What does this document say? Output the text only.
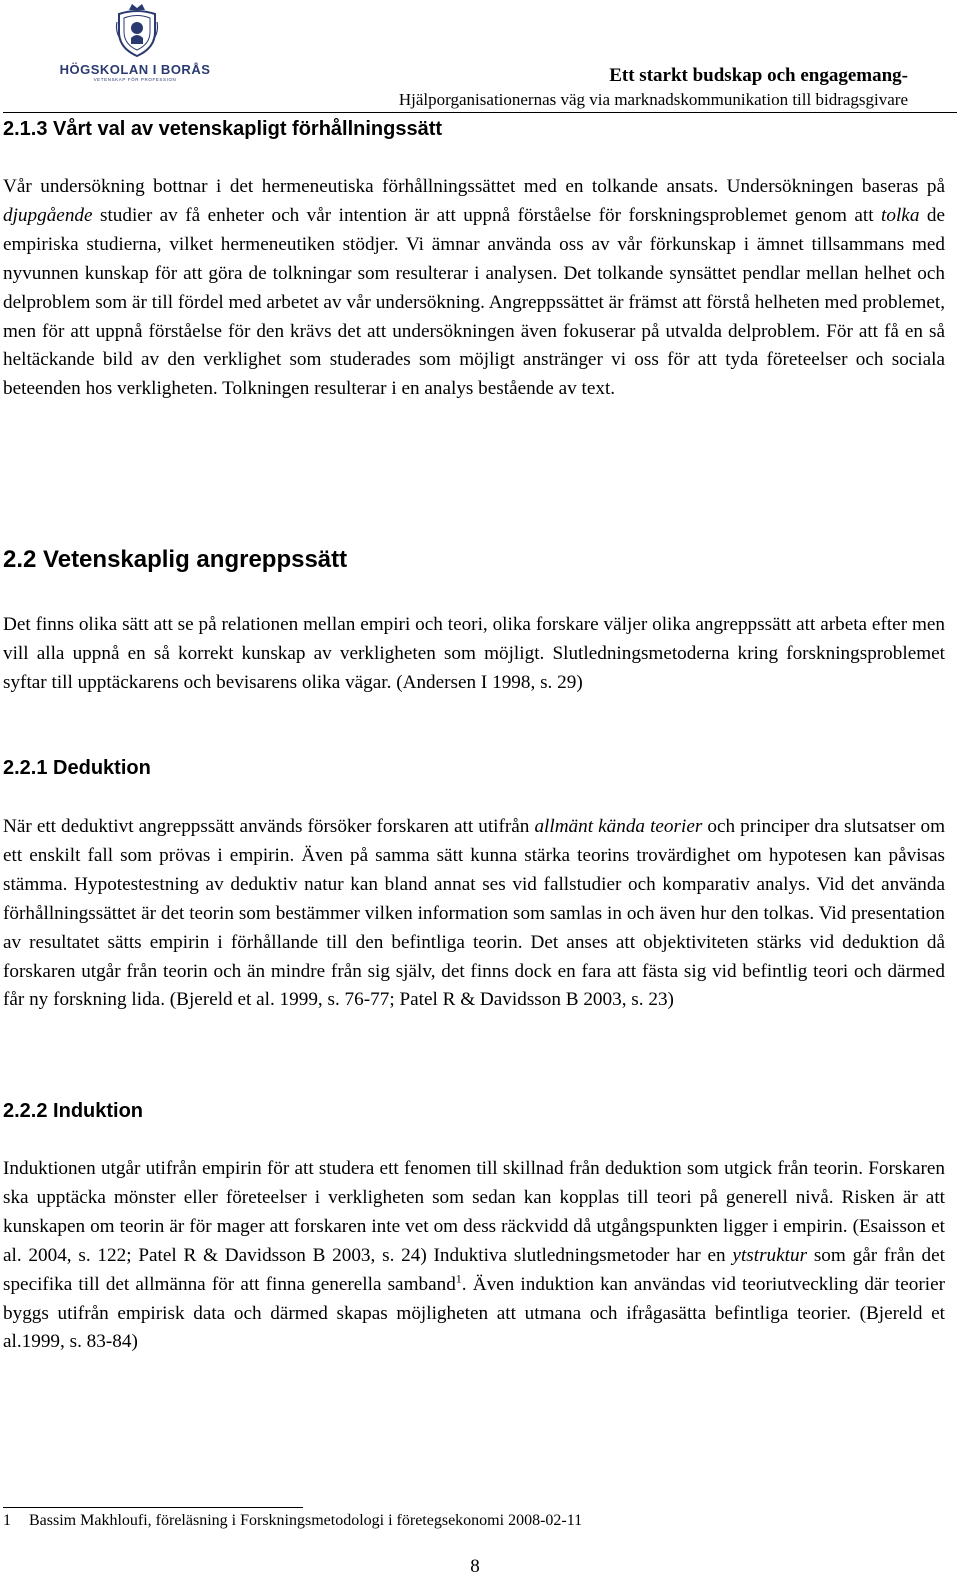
HÖGSKOLAN I BORÅS
VETENSKAP FÖR PROFESSION	Ett starkt budskap och engagemang-
Hjälporganisationernas väg via marknadskommunikation till bidragsgivare
2.1.3 Vårt val av vetenskapligt förhållningssätt
Vår undersökning bottnar i det hermeneutiska förhållningssättet med en tolkande ansats. Undersökningen baseras på djupgående studier av få enheter och vår intention är att uppnå förståelse för forskningsproblemet genom att tolka de empiriska studierna, vilket hermeneutiken stödjer. Vi ämnar använda oss av vår förkunskap i ämnet tillsammans med nyvunnen kunskap för att göra de tolkningar som resulterar i analysen. Det tolkande synsättet pendlar mellan helhet och delproblem som är till fördel med arbetet av vår undersökning. Angreppssättet är främst att förstå helheten med problemet, men för att uppnå förståelse för den krävs det att undersökningen även fokuserar på utvalda delproblem. För att få en så heltäckande bild av den verklighet som studerades som möjligt anstränger vi oss för att tyda företeelser och sociala beteenden hos verkligheten. Tolkningen resulterar i en analys bestående av text.
2.2 Vetenskaplig angreppssätt
Det finns olika sätt att se på relationen mellan empiri och teori, olika forskare väljer olika angreppssätt att arbeta efter men vill alla uppnå en så korrekt kunskap av verkligheten som möjligt. Slutledningsmetoderna kring forskningsproblemet syftar till upptäckarens och bevisarens olika vägar. (Andersen I 1998, s. 29)
2.2.1 Deduktion
När ett deduktivt angreppssätt används försöker forskaren att utifrån allmänt kända teorier och principer dra slutsatser om ett enskilt fall som prövas i empirin. Även på samma sätt kunna stärka teorins trovärdighet om hypotesen kan påvisas stämma. Hypotestestning av deduktiv natur kan bland annat ses vid fallstudier och komparativ analys. Vid det använda förhållningssättet är det teorin som bestämmer vilken information som samlas in och även hur den tolkas. Vid presentation av resultatet sätts empirin i förhållande till den befintliga teorin. Det anses att objektiviteten stärks vid deduktion då forskaren utgår från teorin och än mindre från sig själv, det finns dock en fara att fästa sig vid befintlig teori och därmed får ny forskning lida. (Bjereld et al. 1999, s. 76-77; Patel R & Davidsson B 2003, s. 23)
2.2.2 Induktion
Induktionen utgår utifrån empirin för att studera ett fenomen till skillnad från deduktion som utgick från teorin. Forskaren ska upptäcka mönster eller företeelser i verkligheten som sedan kan kopplas till teori på generell nivå. Risken är att kunskapen om teorin är för mager att forskaren inte vet om dess räckvidd då utgångspunkten ligger i empirin. (Esaisson et al. 2004, s. 122; Patel R & Davidsson B 2003, s. 24) Induktiva slutledningsmetoder har en ytstruktur som går från det specifika till det allmänna för att finna generella samband$^1$. Även induktion kan användas vid teoriutveckling där teorier byggs utifrån empirisk data och därmed skapas möjligheten att utmana och ifrågasätta befintliga teorier. (Bjereld et al.1999, s. 83-84)
1 Bassim Makhloufi, föreläsning i Forskningsmetodologi i företegsekonomi 2008-02-11
8
